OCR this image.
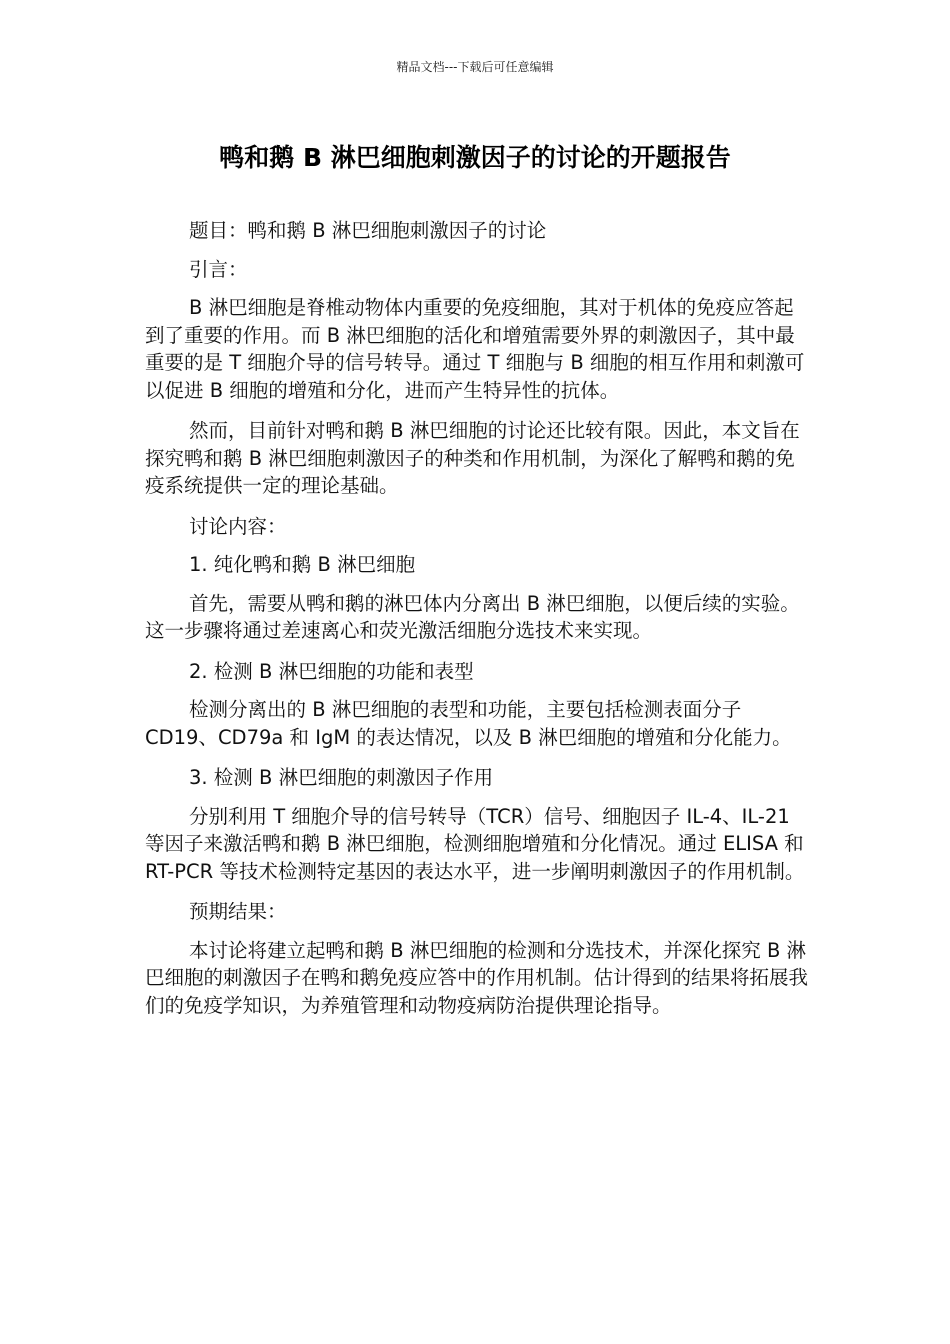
精品文档---下载后可任意编辑
鸭和鹅 B 淋巴细胞刺激因子的讨论的开题报告

题目：鸭和鹅 B 淋巴细胞刺激因子的讨论

引言：

B 淋巴细胞是脊椎动物体内重要的免疫细胞，其对于机体的免疫应答起到了重要的作用。而 B 淋巴细胞的活化和增殖需要外界的刺激因子，其中最重要的是 T 细胞介导的信号转导。通过 T 细胞与 B 细胞的相互作用和刺激可以促进 B 细胞的增殖和分化，进而产生特异性的抗体。

然而，目前针对鸭和鹅 B 淋巴细胞的讨论还比较有限。因此，本文旨在探究鸭和鹅 B 淋巴细胞刺激因子的种类和作用机制，为深化了解鸭和鹅的免疫系统提供一定的理论基础。

讨论内容：

1. 纯化鸭和鹅 B 淋巴细胞

首先，需要从鸭和鹅的淋巴体内分离出 B 淋巴细胞，以便后续的实验。这一步骤将通过差速离心和荧光激活细胞分选技术来实现。

2. 检测 B 淋巴细胞的功能和表型

检测分离出的 B 淋巴细胞的表型和功能，主要包括检测表面分子 CD19、CD79a 和 IgM 的表达情况，以及 B 淋巴细胞的增殖和分化能力。

3. 检测 B 淋巴细胞的刺激因子作用

分别利用 T 细胞介导的信号转导（TCR）信号、细胞因子 IL-4、IL-21 等因子来激活鸭和鹅 B 淋巴细胞，检测细胞增殖和分化情况。通过 ELISA 和 RT-PCR 等技术检测特定基因的表达水平，进一步阐明刺激因子的作用机制。

预期结果：

本讨论将建立起鸭和鹅 B 淋巴细胞的检测和分选技术，并深化探究 B 淋巴细胞的刺激因子在鸭和鹅免疫应答中的作用机制。估计得到的结果将拓展我们的免疫学知识，为养殖管理和动物疫病防治提供理论指导。
